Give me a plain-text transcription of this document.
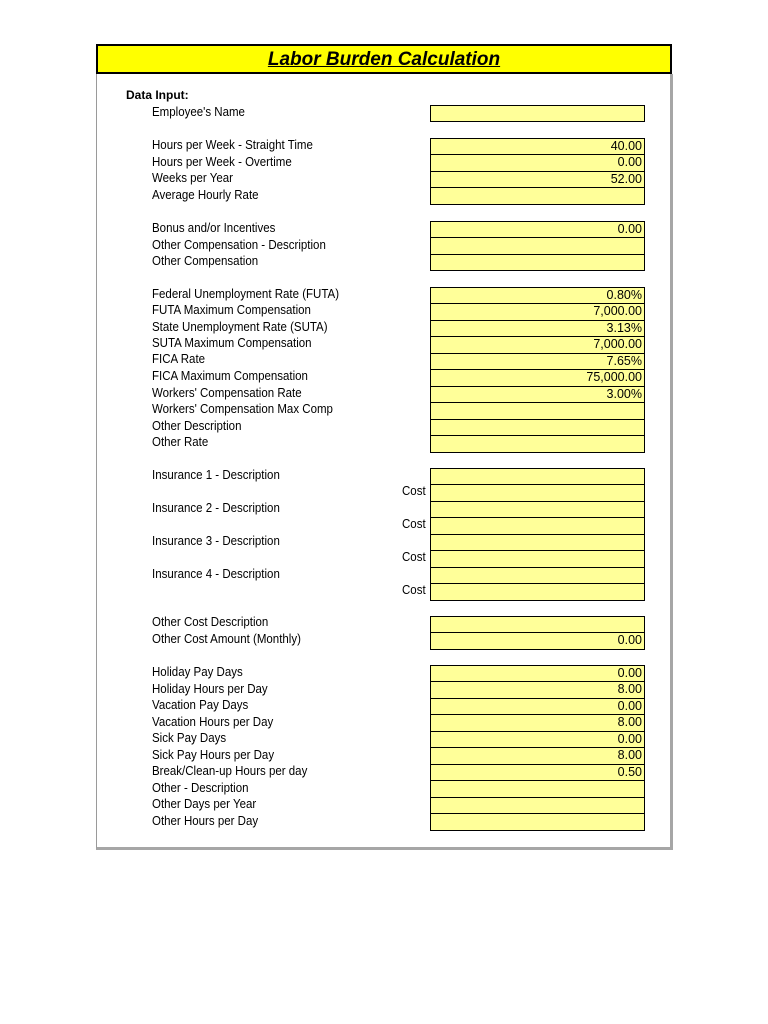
Labor Burden Calculation
Data Input:
Employee's Name
Hours per Week - Straight Time	40.00
Hours per Week - Overtime	0.00
Weeks per Year	52.00
Average Hourly Rate
Bonus and/or Incentives	0.00
Other Compensation - Description
Other Compensation
Federal Unemployment Rate (FUTA)	0.80%
FUTA Maximum Compensation	7,000.00
State Unemployment Rate (SUTA)	3.13%
SUTA Maximum Compensation	7,000.00
FICA Rate	7.65%
FICA Maximum Compensation	75,000.00
Workers' Compensation Rate	3.00%
Workers' Compensation Max Comp
Other Description
Other Rate
Insurance 1 - Description
Cost
Insurance 2 - Description
Cost
Insurance 3 - Description
Cost
Insurance 4 - Description
Cost
Other Cost Description
Other Cost Amount (Monthly)	0.00
Holiday Pay Days	0.00
Holiday Hours per Day	8.00
Vacation Pay Days	0.00
Vacation Hours per Day	8.00
Sick Pay Days	0.00
Sick Pay Hours per Day	8.00
Break/Clean-up Hours per day	0.50
Other - Description
Other Days per Year
Other Hours per Day
